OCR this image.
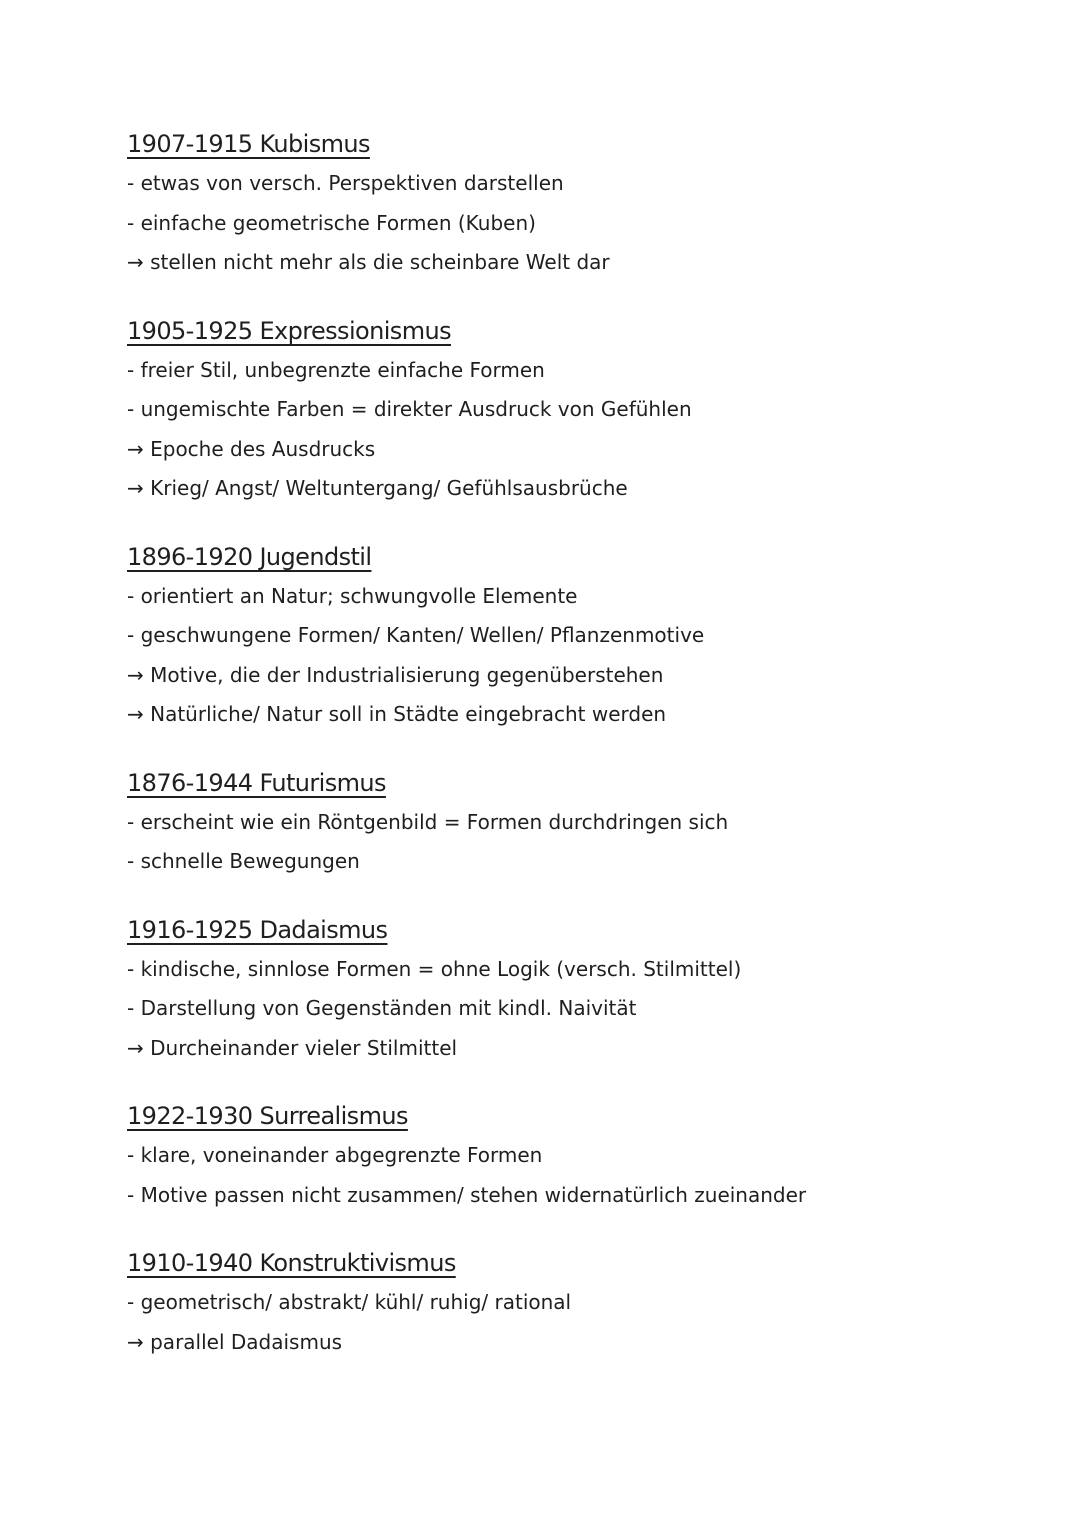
1907-1915 Kubismus
- etwas von versch. Perspektiven darstellen
- einfache geometrische Formen (Kuben)
→ stellen nicht mehr als die scheinbare Welt dar
1905-1925 Expressionismus
- freier Stil, unbegrenzte einfache Formen
- ungemischte Farben = direkter Ausdruck von Gefühlen
→ Epoche des Ausdrucks
→ Krieg/ Angst/ Weltuntergang/ Gefühlsausbrüche
1896-1920 Jugendstil
- orientiert an Natur; schwungvolle Elemente
- geschwungene Formen/ Kanten/ Wellen/ Pflanzenmotive
→ Motive, die der Industrialisierung gegenüberstehen
→ Natürliche/ Natur soll in Städte eingebracht werden
1876-1944 Futurismus
- erscheint wie ein Röntgenbild = Formen durchdringen sich
- schnelle Bewegungen
1916-1925 Dadaismus
- kindische, sinnlose Formen = ohne Logik (versch. Stilmittel)
- Darstellung von Gegenständen mit kindl. Naivität
→ Durcheinander vieler Stilmittel
1922-1930 Surrealismus
- klare, voneinander abgegrenzte Formen
- Motive passen nicht zusammen/ stehen widernatürlich zueinander
1910-1940 Konstruktivismus
- geometrisch/ abstrakt/ kühl/ ruhig/ rational
→ parallel Dadaismus
